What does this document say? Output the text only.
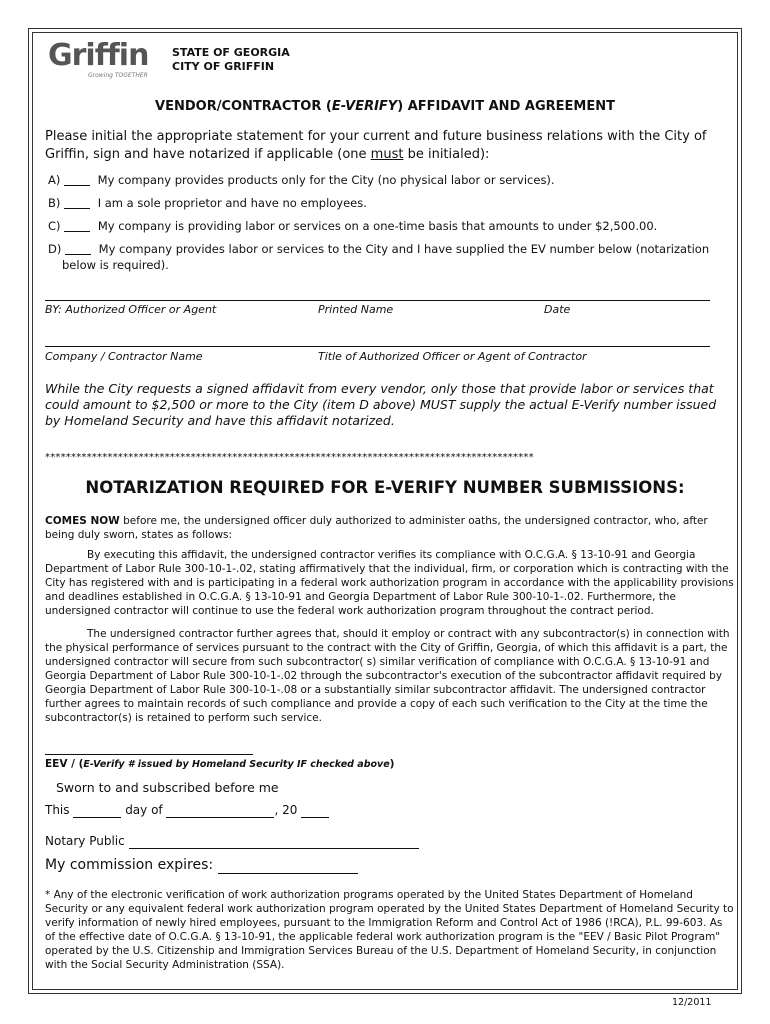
Griffin
Growing TOGETHER
STATE OF GEORGIA
CITY OF GRIFFIN
VENDOR/CONTRACTOR (E-VERIFY) AFFIDAVIT AND AGREEMENT
Please initial the appropriate statement for your current and future business relations with the City of Griffin, sign and have notarized if applicable (one must be initialed):
A)	My company provides products only for the City (no physical labor or services).
B)	I am a sole proprietor and have no employees.
C)	My company is providing labor or services on a one-time basis that amounts to under $2,500.00.
D)	My company provides labor or services to the City and I have supplied the EV number below (notarization below is required).
BY: Authorized Officer or Agent	Printed Name	Date
Company / Contractor Name	Title of Authorized Officer or Agent of Contractor
While the City requests a signed affidavit from every vendor, only those that provide labor or services that could amount to $2,500 or more to the City (item D above) MUST supply the actual E-Verify number issued by Homeland Security and have this affidavit notarized.
**********************************************************************************************
NOTARIZATION REQUIRED FOR E-VERIFY NUMBER SUBMISSIONS:
COMES NOW before me, the undersigned officer duly authorized to administer oaths, the undersigned contractor, who, after being duly sworn, states as follows:
By executing this affidavit, the undersigned contractor verifies its compliance with O.C.G.A. § 13-10-91 and Georgia Department of Labor Rule 300-10-1-.02, stating affirmatively that the individual, firm, or corporation which is contracting with the City has registered with and is participating in a federal work authorization program in accordance with the applicability provisions and deadlines established in O.C.G.A. § 13-10-91 and Georgia Department of Labor Rule 300-10-1-.02. Furthermore, the undersigned contractor will continue to use the federal work authorization program throughout the contract period.
The undersigned contractor further agrees that, should it employ or contract with any subcontractor(s) in connection with the physical performance of services pursuant to the contract with the City of Griffin, Georgia, of which this affidavit is a part, the undersigned contractor will secure from such subcontractor( s) similar verification of compliance with O.C.G.A. § 13-10-91 and Georgia Department of Labor Rule 300-10-1-.02 through the subcontractor's execution of the subcontractor affidavit required by Georgia Department of Labor Rule 300-10-1-.08 or a substantially similar subcontractor affidavit. The undersigned contractor further agrees to maintain records of such compliance and provide a copy of each such verification to the City at the time the subcontractor(s) is retained to perform such service.
EEV / (E-Verify # issued by Homeland Security IF checked above)
Sworn to and subscribed before me
This	day of	, 20
Notary Public
My commission expires:
* Any of the electronic verification of work authorization programs operated by the United States Department of Homeland Security or any equivalent federal work authorization program operated by the United States Department of Homeland Security to verify information of newly hired employees, pursuant to the Immigration Reform and Control Act of 1986 (!RCA), P.L. 99-603. As of the effective date of O.C.G.A. § 13-10-91, the applicable federal work authorization program is the "EEV / Basic Pilot Program" operated by the U.S. Citizenship and Immigration Services Bureau of the U.S. Department of Homeland Security, in conjunction with the Social Security Administration (SSA).
12/2011
